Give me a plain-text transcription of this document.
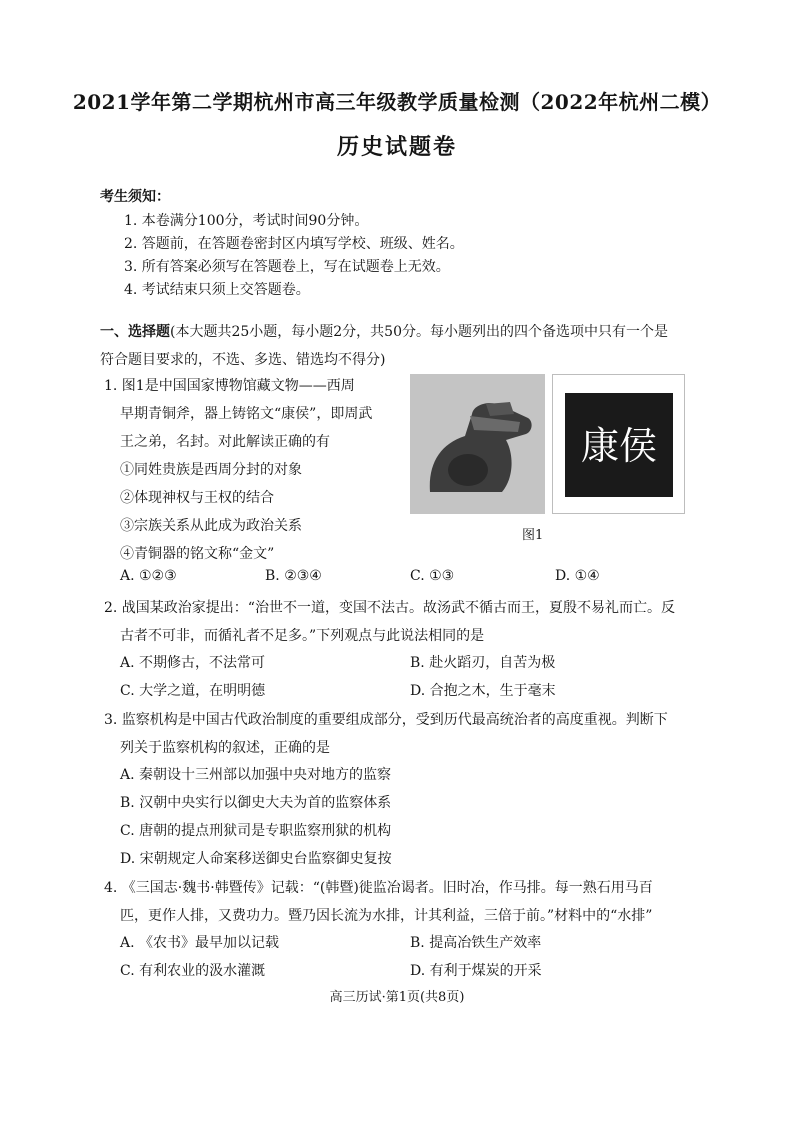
2021学年第二学期杭州市高三年级教学质量检测（2022年杭州二模）
历史试题卷
考生须知：
1. 本卷满分100分，考试时间90分钟。
2. 答题前，在答题卷密封区内填写学校、班级、姓名。
3. 所有答案必须写在答题卷上，写在试题卷上无效。
4. 考试结束只须上交答题卷。
一、选择题(本大题共25小题，每小题2分，共50分。每小题列出的四个备选项中只有一个是
符合题目要求的，不选、多选、错选均不得分)
1. 图1是中国国家博物馆藏文物——西周
早期青铜斧，器上铸铭文“康侯”，即周武
王之弟，名封。对此解读正确的有
①同姓贵族是西周分封的对象
②体现神权与王权的结合
③宗族关系从此成为政治关系
④青铜器的铭文称“金文”
康侯
图1
A. ①②③	B. ②③④	C. ①③	D. ①④
2. 战国某政治家提出：“治世不一道，变国不法古。故汤武不循古而王，夏殷不易礼而亡。反
古者不可非，而循礼者不足多。”下列观点与此说法相同的是
A. 不期修古，不法常可	B. 赴火蹈刃，自苦为极
C. 大学之道，在明明德	D. 合抱之木，生于毫末
3. 监察机构是中国古代政治制度的重要组成部分，受到历代最高统治者的高度重视。判断下
列关于监察机构的叙述，正确的是
A. 秦朝设十三州部以加强中央对地方的监察
B. 汉朝中央实行以御史大夫为首的监察体系
C. 唐朝的提点刑狱司是专职监察刑狱的机构
D. 宋朝规定人命案移送御史台监察御史复按
4. 《三国志·魏书·韩暨传》记载：“(韩暨)徙监冶谒者。旧时冶，作马排。每一熟石用马百
匹，更作人排，又费功力。暨乃因长流为水排，计其利益，三倍于前。”材料中的“水排”
A. 《农书》最早加以记载	B. 提高冶铁生产效率
C. 有利农业的汲水灌溉	D. 有利于煤炭的开采
高三历试·第1页(共8页)
